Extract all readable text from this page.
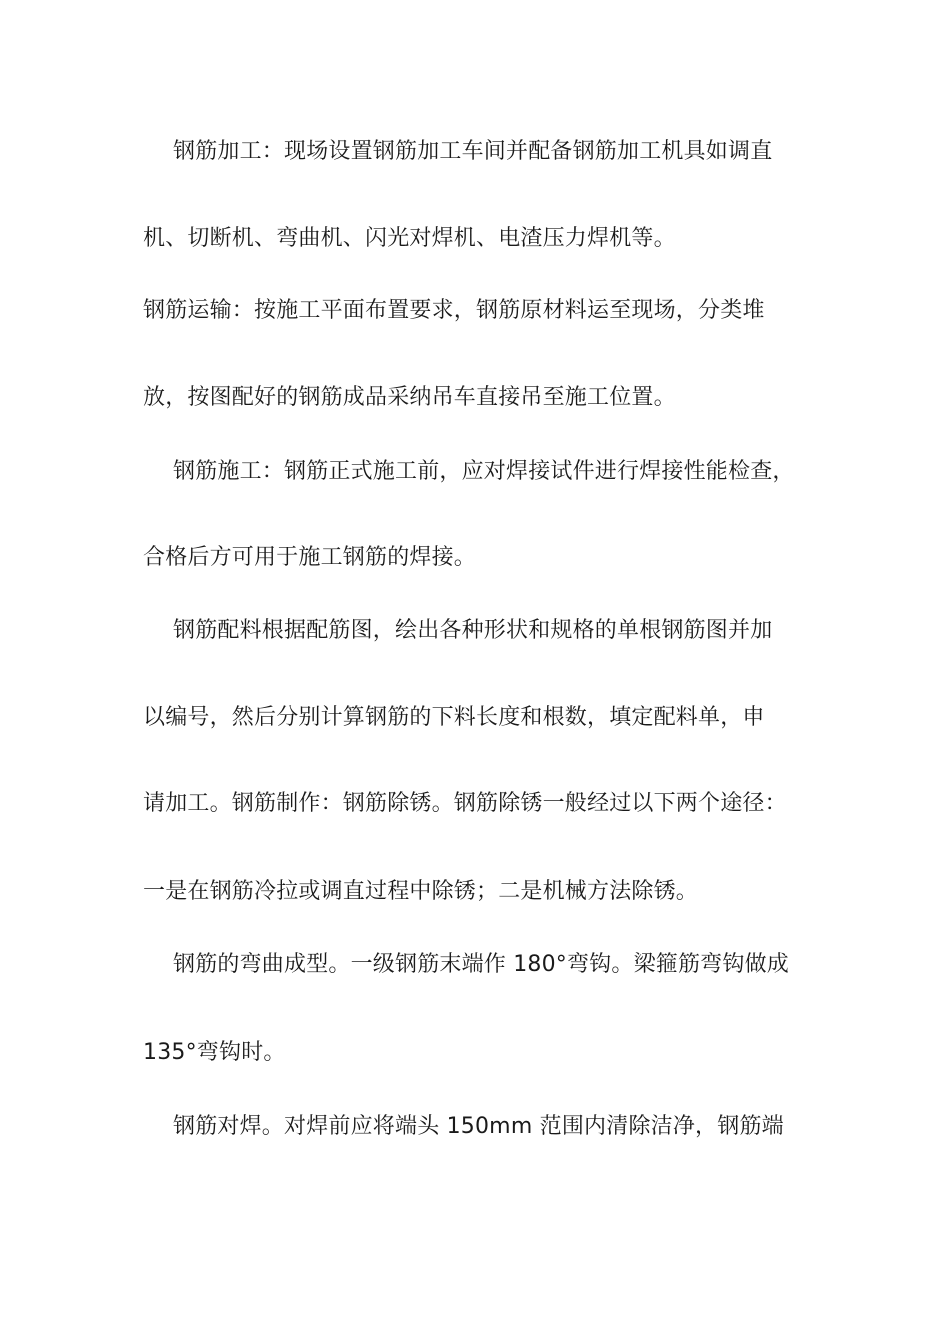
钢筋加工：现场设置钢筋加工车间并配备钢筋加工机具如调直
机、切断机、弯曲机、闪光对焊机、电渣压力焊机等。
钢筋运输：按施工平面布置要求，钢筋原材料运至现场，分类堆
放，按图配好的钢筋成品采纳吊车直接吊至施工位置。
钢筋施工：钢筋正式施工前，应对焊接试件进行焊接性能检查，
合格后方可用于施工钢筋的焊接。
钢筋配料根据配筋图，绘出各种形状和规格的单根钢筋图并加
以编号，然后分别计算钢筋的下料长度和根数，填定配料单，申
请加工。钢筋制作：钢筋除锈。钢筋除锈一般经过以下两个途径：
一是在钢筋冷拉或调直过程中除锈；二是机械方法除锈。
钢筋的弯曲成型。一级钢筋末端作 180°弯钩。梁箍筋弯钩做成
135°弯钩时。
钢筋对焊。对焊前应将端头 150mm 范围内清除洁净，钢筋端
